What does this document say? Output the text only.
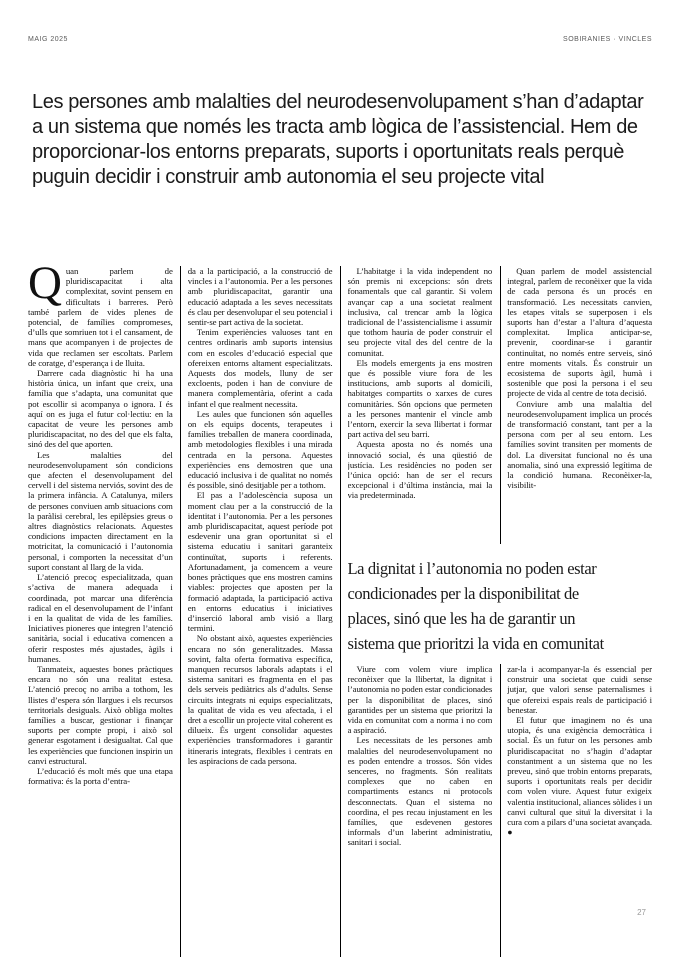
MAIG 2025	SOBIRANIES · VINCLES
Les persones amb malalties del neurodesenvolupament s’han d’adaptar
a un sistema que només les tracta amb lògica de l’assistencial. Hem de
proporcionar-los entorns preparats, suports i oportunitats reals perquè
puguin decidir i construir amb autonomia el seu projecte vital

Quan parlem de pluridiscapacitat i alta complexitat, sovint pensem en dificultats i barreres. Però també parlem de vides plenes de potencial, de famílies compromeses, d’ulls que somriuen tot i el cansament, de mans que acompanyen i de projectes de vida que reclamen ser escoltats. Parlem de coratge, d’esperança i de lluita.

Darrere cada diagnòstic hi ha una història única, un infant que creix, una família que s’adapta, una comunitat que pot escollir si acompanya o ignora. I és aquí on es juga el futur col·lectiu: en la capacitat de veure les persones amb pluridiscapacitat, no des del que els falta, sinó des del que aporten.

Les malalties del neurodesenvolupament són condicions que afecten el desenvolupament del cervell i del sistema nerviós, sovint des de la primera infància. A Catalunya, milers de persones conviuen amb situacions com la paràlisi cerebral, les epilèpsies greus o altres diagnòstics relacionats. Aquestes condicions impacten directament en la motricitat, la comunicació i l’autonomia personal, i comporten la necessitat d’un suport constant al llarg de la vida.

L’atenció precoç especialitzada, quan s’activa de manera adequada i coordinada, pot marcar una diferència radical en el desenvolupament de l’infant i en la qualitat de vida de les famílies. Iniciatives pioneres que integren l’atenció sanitària, social i educativa comencen a oferir respostes més ajustades, àgils i humanes.

Tanmateix, aquestes bones pràctiques encara no són una realitat estesa. L’atenció precoç no arriba a tothom, les llistes d’espera són llargues i els recursos territorials desiguals. Això obliga moltes famílies a buscar, gestionar i finançar suports per compte propi, i això sol generar esgotament i desigualtat. Cal que les experiències que funcionen inspirin un canvi estructural.

L’educació és molt més que una etapa formativa: és la porta d’entra-

da a la participació, a la construcció de vincles i a l’autonomia. Per a les persones amb pluridiscapacitat, garantir una educació adaptada a les seves necessitats és clau per desenvolupar el seu potencial i sentir-se part activa de la societat.

Tenim experiències valuoses tant en centres ordinaris amb suports intensius com en escoles d’educació especial que ofereixen entorns altament especialitzats. Aquests dos models, lluny de ser excloents, poden i han de conviure de manera complementària, oferint a cada infant el que realment necessita.

Les aules que funcionen són aquelles on els equips docents, terapeutes i famílies treballen de manera coordinada, amb metodologies flexibles i una mirada centrada en la persona. Aquestes experiències ens demostren que una educació inclusiva i de qualitat no només és possible, sinó desitjable per a tothom.

El pas a l’adolescència suposa un moment clau per a la construcció de la identitat i l’autonomia. Per a les persones amb pluridiscapacitat, aquest període pot esdevenir una gran oportunitat si el sistema educatiu i sanitari garanteix continuïtat, suports i referents. Afortunadament, ja comencem a veure bones pràctiques que ens mostren camins viables: projectes que aposten per la formació adaptada, la participació activa en entorns educatius i iniciatives d’inserció laboral amb visió a llarg termini.

No obstant això, aquestes experiències encara no són generalitzades. Massa sovint, falta oferta formativa específica, manquen recursos laborals adaptats i el sistema sanitari es fragmenta en el pas dels serveis pediàtrics als d’adults. Sense circuits integrats ni equips especialitzats, la qualitat de vida es veu afectada, i el dret a escollir un projecte vital coherent es dilueix. És urgent consolidar aquestes experiències transformadores i garantir itineraris integrats, flexibles i centrats en les aspiracions de cada persona.

L’habitatge i la vida independent no són premis ni excepcions: són drets fonamentals que cal garantir. Si volem avançar cap a una societat realment inclusiva, cal trencar amb la lògica tradicional de l’assistencialisme i assumir que tothom hauria de poder construir el seu projecte vital des del centre de la comunitat.

Els models emergents ja ens mostren que és possible viure fora de les institucions, amb suports al domicili, habitatges compartits o xarxes de cures comunitàries. Són opcions que permeten a les persones mantenir el vincle amb l’entorn, exercir la seva llibertat i formar part activa del seu barri.

Aquesta aposta no és només una innovació social, és una qüestió de justícia. Les residències no poden ser l’única opció: han de ser el recurs excepcional i d’última instància, mai la via predeterminada.

Quan parlem de model assistencial integral, parlem de reconèixer que la vida de cada persona és un procés en transformació. Les necessitats canvien, les etapes vitals se superposen i els suports han d’estar a l’altura d’aquesta complexitat. Implica anticipar-se, prevenir, coordinar-se i garantir continuïtat, no només entre serveis, sinó entre moments vitals. És construir un ecosistema de suports àgil, humà i sostenible que posi la persona i el seu projecte de vida al centre de tota decisió.

Conviure amb una malaltia del neurodesenvolupament implica un procés de transformació constant, tant per a la persona com per al seu entorn. Les famílies sovint transiten per moments de dol. La diversitat funcional no és una anomalia, sinó una expressió legítima de la condició humana. Reconèixer-la, visibilit-

La dignitat i l’autonomia no poden estar
condicionades per la disponibilitat de
places, sinó que les ha de garantir un
sistema que prioritzi la vida en comunitat

Viure com volem viure implica reconèixer que la llibertat, la dignitat i l’autonomia no poden estar condicionades per la disponibilitat de places, sinó garantides per un sistema que prioritzi la vida en comunitat com a norma i no com a aspiració.

Les necessitats de les persones amb malalties del neurodesenvolupament no es poden entendre a trossos. Són vides senceres, no fragments. Són realitats complexes que no caben en compartiments estancs ni protocols desconnectats. Quan el sistema no coordina, el pes recau injustament en les famílies, que esdevenen gestores informals d’un laberint administratiu, sanitari i social.

zar-la i acompanyar-la és essencial per construir una societat que cuidi sense jutjar, que valori sense paternalismes i que ofereixi espais reals de participació i benestar.

El futur que imaginem no és una utopia, és una exigència democràtica i social. És un futur on les persones amb pluridiscapacitat no s’hagin d’adaptar constantment a un sistema que no les preveu, sinó que trobin entorns preparats, suports i oportunitats reals per decidir com volen viure. Aquest futur exigeix valentia institucional, aliances sòlides i un canvi cultural que situï la diversitat i la cura com a pilars d’una societat avançada. ●

27
